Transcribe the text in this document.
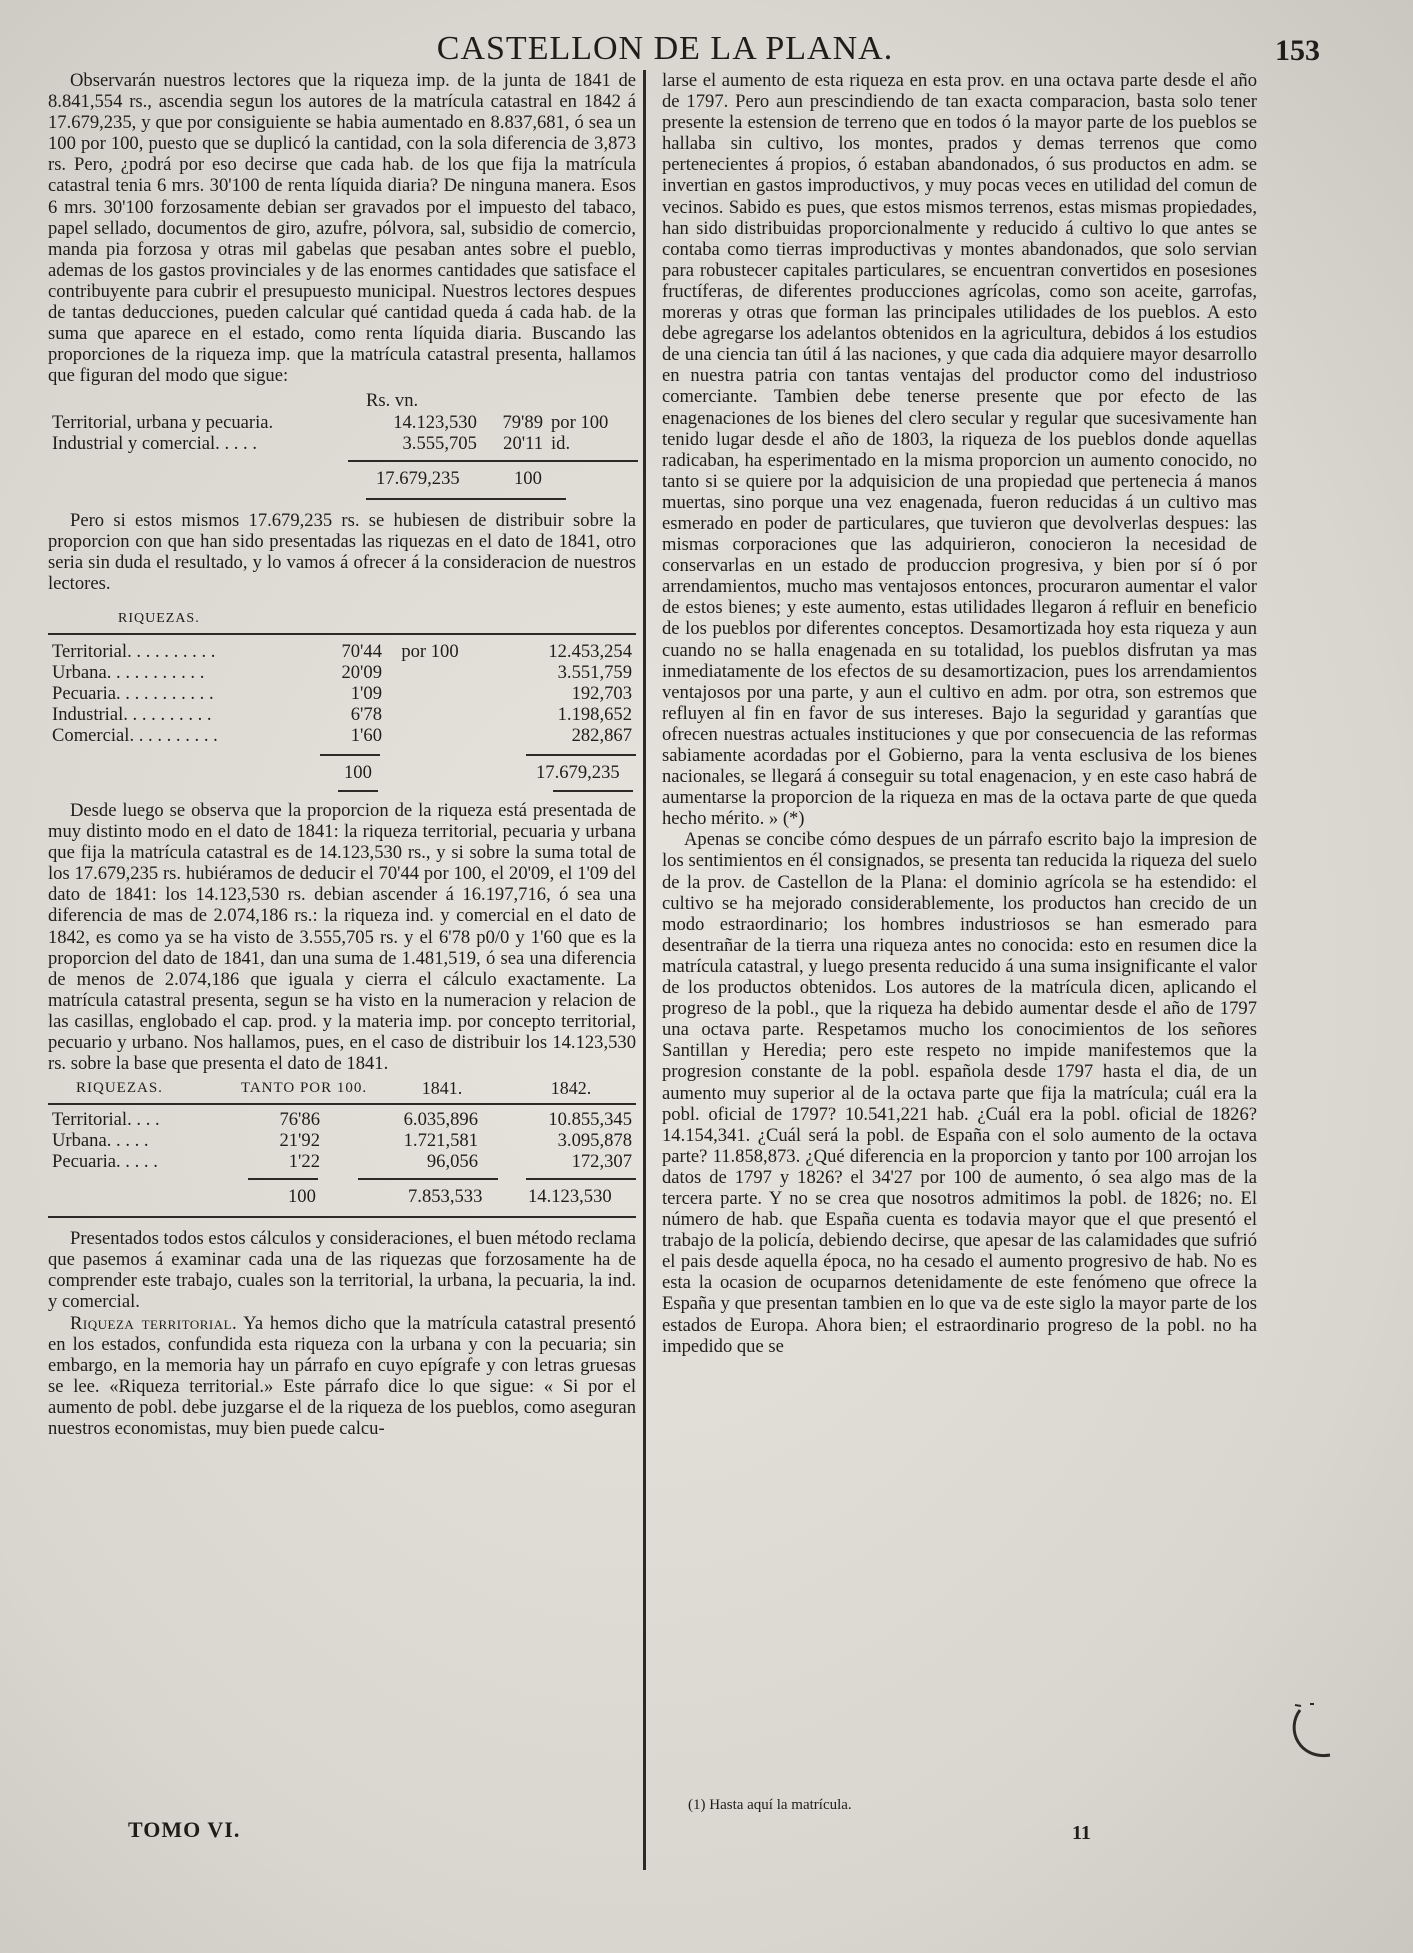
CASTELLON DE LA PLANA.	153

Observarán nuestros lectores que la riqueza imp. de la junta de 1841 de 8.841,554 rs., ascendia segun los autores de la matrícula catastral en 1842 á 17.679,235, y que por consiguiente se habia aumentado en 8.837,681, ó sea un 100 por 100, puesto que se duplicó la cantidad, con la sola diferencia de 3,873 rs. Pero, ¿podrá por eso decirse que cada hab. de los que fija la matrícula catastral tenia 6 mrs. 30'100 de renta líquida diaria? De ninguna manera. Esos 6 mrs. 30'100 forzosamente debian ser gravados por el impuesto del tabaco, papel sellado, documentos de giro, azufre, pólvora, sal, subsidio de comercio, manda pia forzosa y otras mil gabelas que pesaban antes sobre el pueblo, ademas de los gastos provinciales y de las enormes cantidades que satisface el contribuyente para cubrir el presupuesto municipal. Nuestros lectores despues de tantas deducciones, pueden calcular qué cantidad queda á cada hab. de la suma que aparece en el estado, como renta líquida diaria. Buscando las proporciones de la riqueza imp. que la matrícula catastral presenta, hallamos que figuran del modo que sigue:

Rs. vn.
Territorial, urbana y pecuaria.	14.123,530	79'89	por 100
Industrial y comercial. . . . .	3.555,705	20'11	id.
17.679,235	100

Pero si estos mismos 17.679,235 rs. se hubiesen de distribuir sobre la proporcion con que han sido presentadas las riquezas en el dato de 1841, otro seria sin duda el resultado, y lo vamos á ofrecer á la consideracion de nuestros lectores.

RIQUEZAS.
Territorial. . . . . . . . . .	70'44	por 100	12.453,254
Urbana. . . . . . . . . . .	20'09		3.551,759
Pecuaria. . . . . . . . . . .	1'09		192,703
Industrial. . . . . . . . . .	6'78		1.198,652
Comercial. . . . . . . . . .	1'60		282,867
100	17.679,235

Desde luego se observa que la proporcion de la riqueza está presentada de muy distinto modo en el dato de 1841: la riqueza territorial, pecuaria y urbana que fija la matrícula catastral es de 14.123,530 rs., y si sobre la suma total de los 17.679,235 rs. hubiéramos de deducir el 70'44 por 100, el 20'09, el 1'09 del dato de 1841: los 14.123,530 rs. debian ascender á 16.197,716, ó sea una diferencia de mas de 2.074,186 rs.: la riqueza ind. y comercial en el dato de 1842, es como ya se ha visto de 3.555,705 rs. y el 6'78 p0/0 y 1'60 que es la proporcion del dato de 1841, dan una suma de 1.481,519, ó sea una diferencia de menos de 2.074,186 que iguala y cierra el cálculo exactamente. La matrícula catastral presenta, segun se ha visto en la numeracion y relacion de las casillas, englobado el cap. prod. y la materia imp. por concepto territorial, pecuario y urbano. Nos hallamos, pues, en el caso de distribuir los 14.123,530 rs. sobre la base que presenta el dato de 1841.

RIQUEZAS.	TANTO POR 100.	1841.	1842.
Territorial. . . .	76'86	6.035,896	10.855,345
Urbana. . . . .	21'92	1.721,581	3.095,878
Pecuaria. . . . .	1'22	96,056	172,307
100	7.853,533 14.123,530

Presentados todos estos cálculos y consideraciones, el buen método reclama que pasemos á examinar cada una de las riquezas que forzosamente ha de comprender este trabajo, cuales son la territorial, la urbana, la pecuaria, la ind. y comercial.

Riqueza territorial. Ya hemos dicho que la matrícula catastral presentó en los estados, confundida esta riqueza con la urbana y con la pecuaria; sin embargo, en la memoria hay un párrafo en cuyo epígrafe y con letras gruesas se lee. «Riqueza territorial.» Este párrafo dice lo que sigue: « Si por el aumento de pobl. debe juzgarse el de la riqueza de los pueblos, como aseguran nuestros economistas, muy bien puede calcu-

larse el aumento de esta riqueza en esta prov. en una octava parte desde el año de 1797. Pero aun prescindiendo de tan exacta comparacion, basta solo tener presente la estension de terreno que en todos ó la mayor parte de los pueblos se hallaba sin cultivo, los montes, prados y demas terrenos que como pertenecientes á propios, ó estaban abandonados, ó sus productos en adm. se invertian en gastos improductivos, y muy pocas veces en utilidad del comun de vecinos. Sabido es pues, que estos mismos terrenos, estas mismas propiedades, han sido distribuidas proporcionalmente y reducido á cultivo lo que antes se contaba como tierras improductivas y montes abandonados, que solo servian para robustecer capitales particulares, se encuentran convertidos en posesiones fructíferas, de diferentes producciones agrícolas, como son aceite, garrofas, moreras y otras que forman las principales utilidades de los pueblos. A esto debe agregarse los adelantos obtenidos en la agricultura, debidos á los estudios de una ciencia tan útil á las naciones, y que cada dia adquiere mayor desarrollo en nuestra patria con tantas ventajas del productor como del industrioso comerciante. Tambien debe tenerse presente que por efecto de las enagenaciones de los bienes del clero secular y regular que sucesivamente han tenido lugar desde el año de 1803, la riqueza de los pueblos donde aquellas radicaban, ha esperimentado en la misma proporcion un aumento conocido, no tanto si se quiere por la adquisicion de una propiedad que pertenecia á manos muertas, sino porque una vez enagenada, fueron reducidas á un cultivo mas esmerado en poder de particulares, que tuvieron que devolverlas despues: las mismas corporaciones que las adquirieron, conocieron la necesidad de conservarlas en un estado de produccion progresiva, y bien por sí ó por arrendamientos, mucho mas ventajosos entonces, procuraron aumentar el valor de estos bienes; y este aumento, estas utilidades llegaron á refluir en beneficio de los pueblos por diferentes conceptos. Desamortizada hoy esta riqueza y aun cuando no se halla enagenada en su totalidad, los pueblos disfrutan ya mas inmediatamente de los efectos de su desamortizacion, pues los arrendamientos ventajosos por una parte, y aun el cultivo en adm. por otra, son estremos que refluyen al fin en favor de sus intereses. Bajo la seguridad y garantías que ofrecen nuestras actuales instituciones y que por consecuencia de las reformas sabiamente acordadas por el Gobierno, para la venta esclusiva de los bienes nacionales, se llegará á conseguir su total enagenacion, y en este caso habrá de aumentarse la proporcion de la riqueza en mas de la octava parte de que queda hecho mérito. » (*)

Apenas se concibe cómo despues de un párrafo escrito bajo la impresion de los sentimientos en él consignados, se presenta tan reducida la riqueza del suelo de la prov. de Castellon de la Plana: el dominio agrícola se ha estendido: el cultivo se ha mejorado considerablemente, los productos han crecido de un modo estraordinario; los hombres industriosos se han esmerado para desentrañar de la tierra una riqueza antes no conocida: esto en resumen dice la matrícula catastral, y luego presenta reducido á una suma insignificante el valor de los productos obtenidos. Los autores de la matrícula dicen, aplicando el progreso de la pobl., que la riqueza ha debido aumentar desde el año de 1797 una octava parte. Respetamos mucho los conocimientos de los señores Santillan y Heredia; pero este respeto no impide manifestemos que la progresion constante de la pobl. española desde 1797 hasta el dia, de un aumento muy superior al de la octava parte que fija la matrícula; cuál era la pobl. oficial de 1797? 10.541,221 hab. ¿Cuál era la pobl. oficial de 1826? 14.154,341. ¿Cuál será la pobl. de España con el solo aumento de la octava parte? 11.858,873. ¿Qué diferencia en la proporcion y tanto por 100 arrojan los datos de 1797 y 1826? el 34'27 por 100 de aumento, ó sea algo mas de la tercera parte. Y no se crea que nosotros admitimos la pobl. de 1826; no. El número de hab. que España cuenta es todavia mayor que el que presentó el trabajo de la policía, debiendo decirse, que apesar de las calamidades que sufrió el pais desde aquella época, no ha cesado el aumento progresivo de hab. No es esta la ocasion de ocuparnos detenidamente de este fenómeno que ofrece la España y que presentan tambien en lo que va de este siglo la mayor parte de los estados de Europa. Ahora bien; el estraordinario progreso de la pobl. no ha impedido que se

TOMO VI.
(1) Hasta aquí la matrícula.
11
